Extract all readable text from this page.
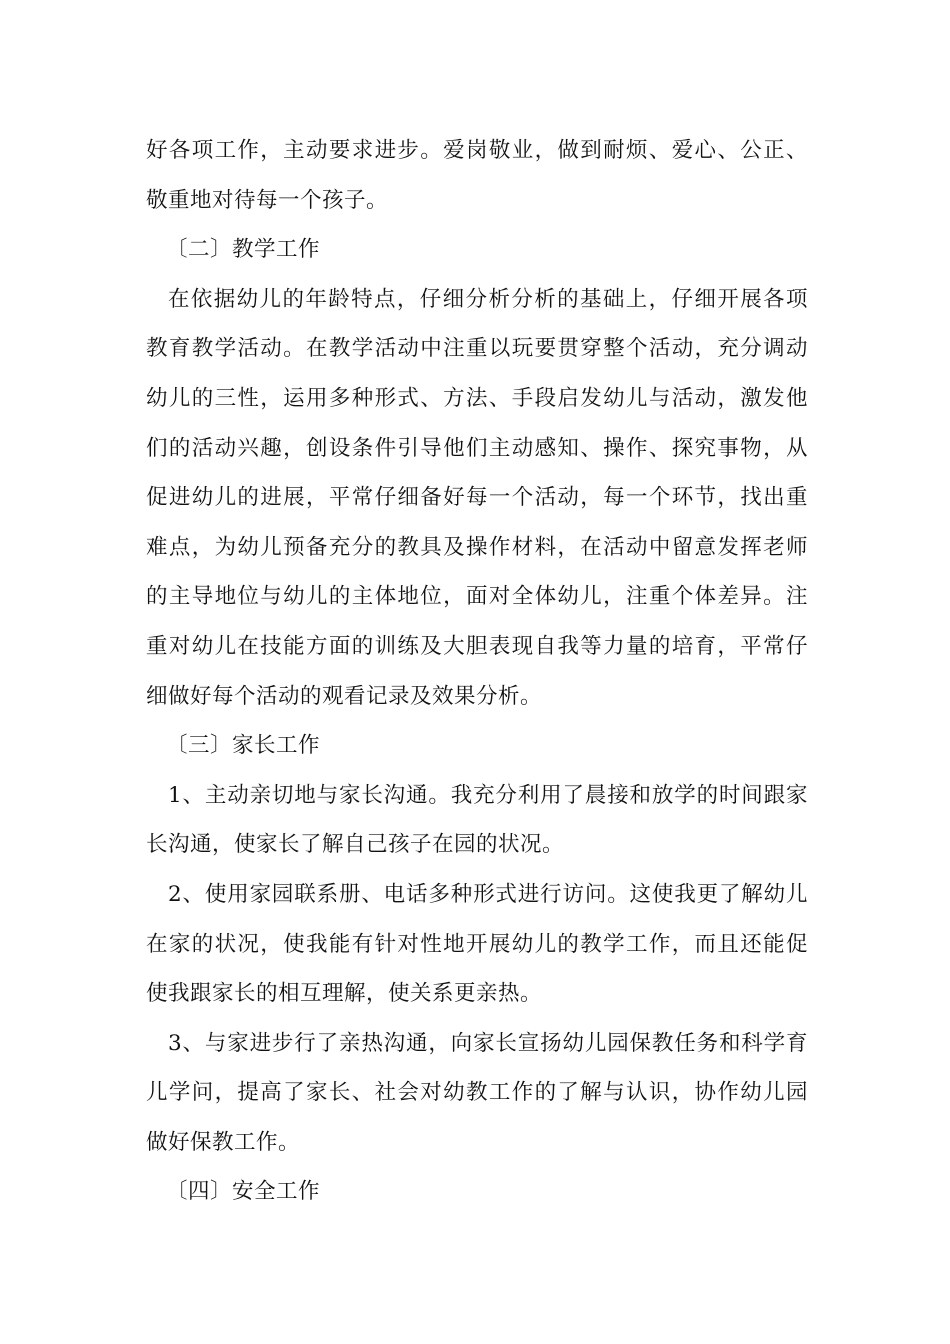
好各项工作，主动要求进步。爱岗敬业，做到耐烦、爱心、公正、
敬重地对待每一个孩子。
〔二〕教学工作
在依据幼儿的年龄特点，仔细分析分析的基础上，仔细开展各项
教育教学活动。在教学活动中注重以玩要贯穿整个活动，充分调动
幼儿的三性，运用多种形式、方法、手段启发幼儿与活动，激发他
们的活动兴趣，创设条件引导他们主动感知、操作、探究事物，从
促进幼儿的进展，平常仔细备好每一个活动，每一个环节，找出重
难点，为幼儿预备充分的教具及操作材料，在活动中留意发挥老师
的主导地位与幼儿的主体地位，面对全体幼儿，注重个体差异。注
重对幼儿在技能方面的训练及大胆表现自我等力量的培育，平常仔
细做好每个活动的观看记录及效果分析。
〔三〕家长工作
1、主动亲切地与家长沟通。我充分利用了晨接和放学的时间跟家
长沟通，使家长了解自己孩子在园的状况。
2、使用家园联系册、电话多种形式进行访问。这使我更了解幼儿
在家的状况，使我能有针对性地开展幼儿的教学工作，而且还能促
使我跟家长的相互理解，使关系更亲热。
3、与家进步行了亲热沟通，向家长宣扬幼儿园保教任务和科学育
儿学问，提高了家长、社会对幼教工作的了解与认识，协作幼儿园
做好保教工作。
〔四〕安全工作
